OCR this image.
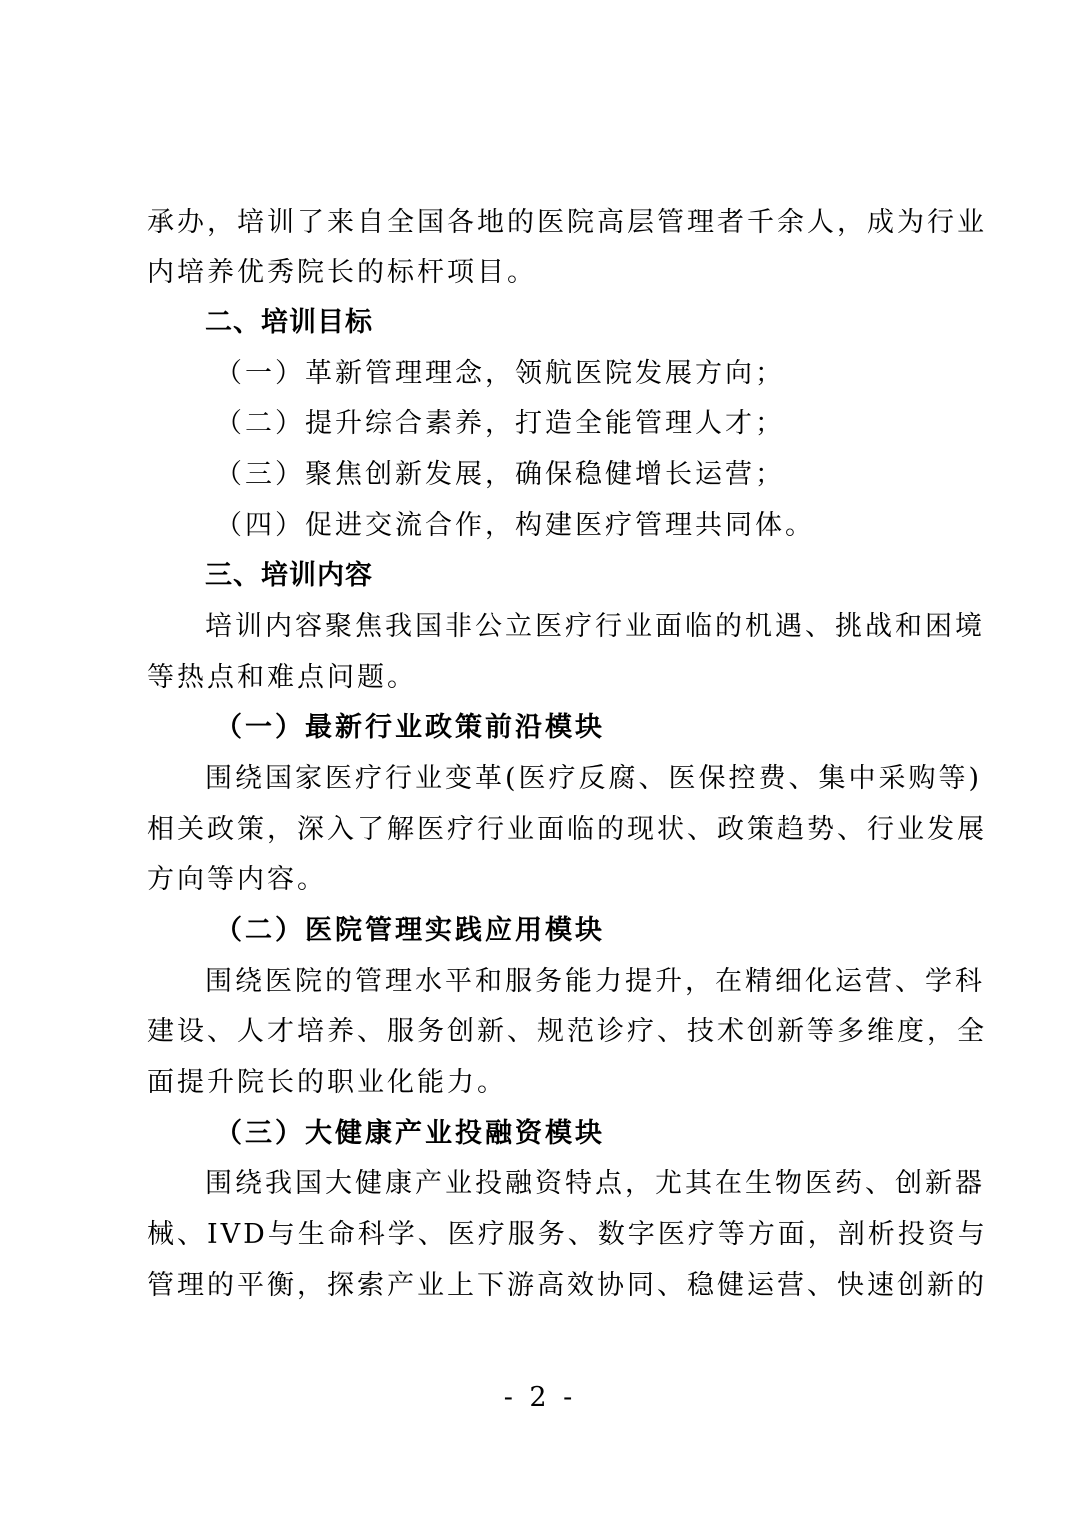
承办，培训了来自全国各地的医院高层管理者千余人，成为行业
内培养优秀院长的标杆项目。
二、培训目标
（一）革新管理理念，领航医院发展方向；
（二）提升综合素养，打造全能管理人才；
（三）聚焦创新发展，确保稳健增长运营；
（四）促进交流合作，构建医疗管理共同体。
三、培训内容
培训内容聚焦我国非公立医疗行业面临的机遇、挑战和困境
等热点和难点问题。
（一）最新行业政策前沿模块
围绕国家医疗行业变革(医疗反腐、医保控费、集中采购等)
相关政策，深入了解医疗行业面临的现状、政策趋势、行业发展
方向等内容。
（二）医院管理实践应用模块
围绕医院的管理水平和服务能力提升，在精细化运营、学科
建设、人才培养、服务创新、规范诊疗、技术创新等多维度，全
面提升院长的职业化能力。
（三）大健康产业投融资模块
围绕我国大健康产业投融资特点，尤其在生物医药、创新器
械、IVD与生命科学、医疗服务、数字医疗等方面，剖析投资与
管理的平衡，探索产业上下游高效协同、稳健运营、快速创新的
- 2 -
